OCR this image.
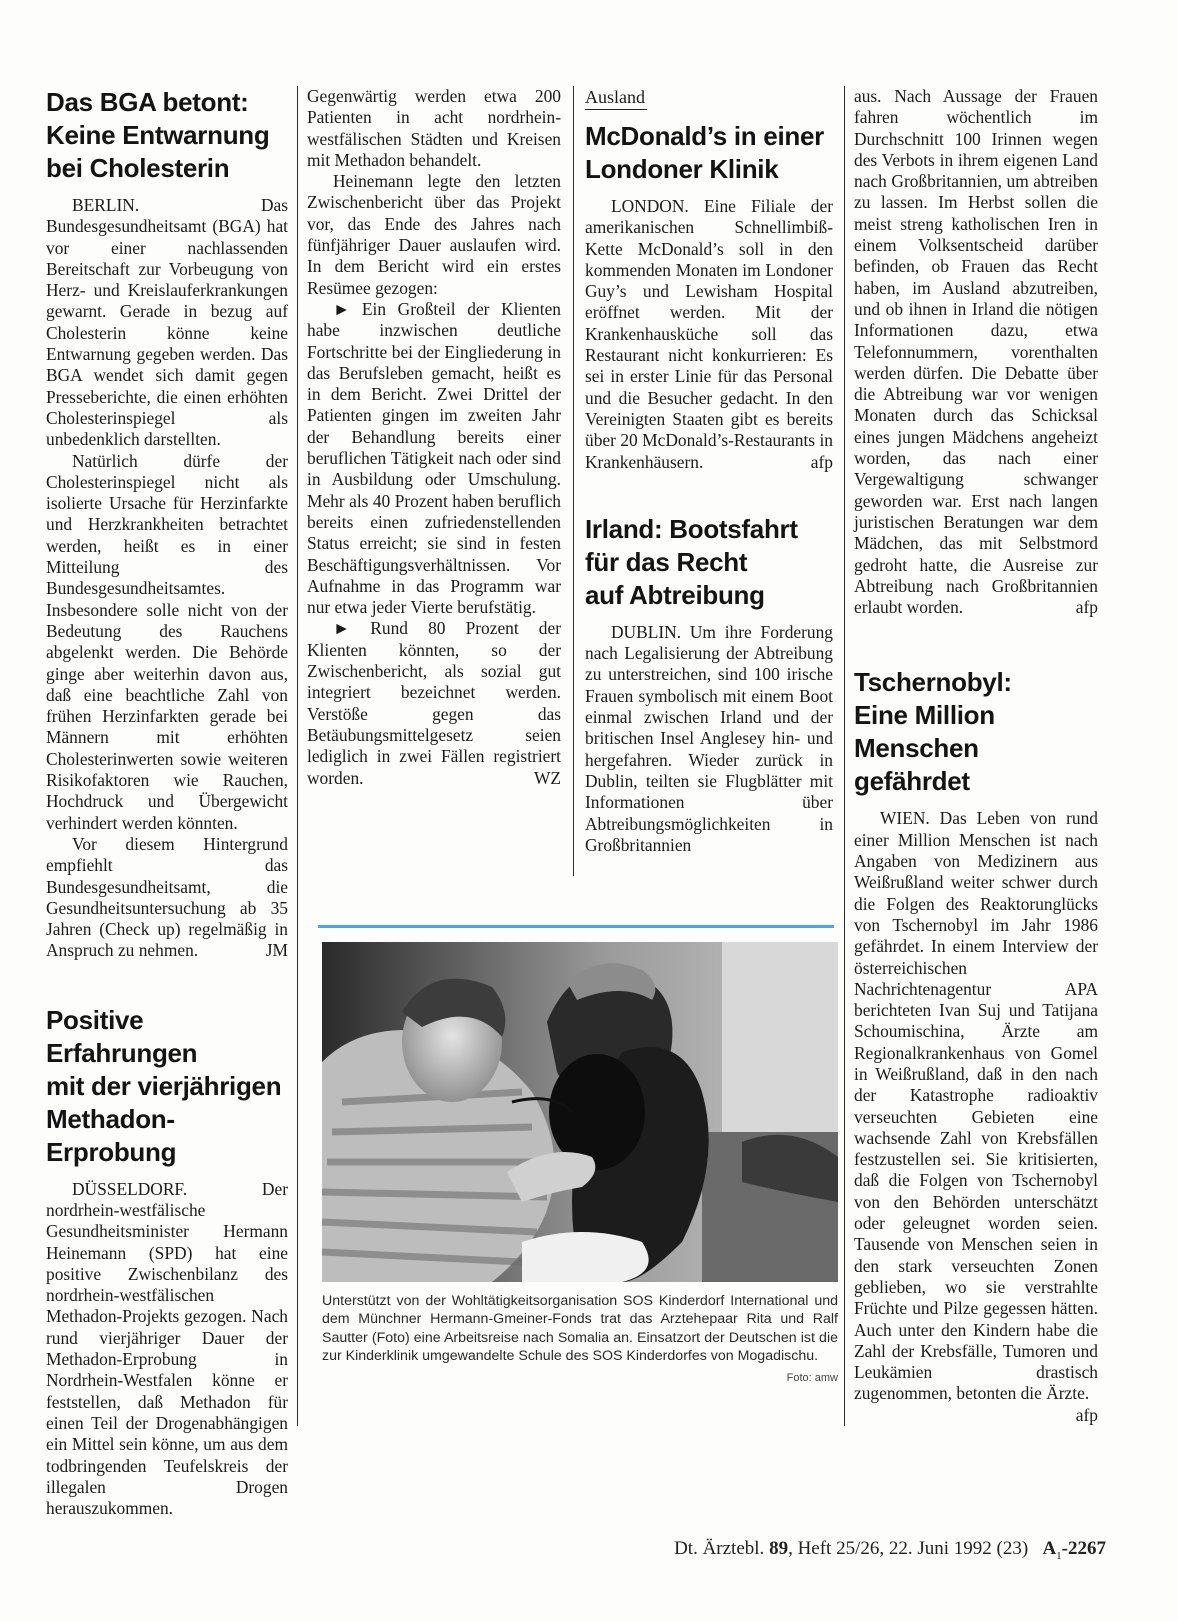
Das BGA betont:
Keine Entwarnung
bei Cholesterin

BERLIN. Das Bundesgesundheitsamt (BGA) hat vor einer nachlassenden Bereitschaft zur Vorbeugung von Herz- und Kreislauferkrankungen gewarnt. Gerade in bezug auf Cholesterin könne keine Entwarnung gegeben werden. Das BGA wendet sich damit gegen Presseberichte, die einen erhöhten Cholesterinspiegel als unbedenklich darstellten.

Natürlich dürfe der Cholesterinspiegel nicht als isolierte Ursache für Herzinfarkte und Herzkrankheiten betrachtet werden, heißt es in einer Mitteilung des Bundesgesundheitsamtes. Insbesondere solle nicht von der Bedeutung des Rauchens abgelenkt werden. Die Behörde ginge aber weiterhin davon aus, daß eine beachtliche Zahl von frühen Herzinfarkten gerade bei Männern mit erhöhten Cholesterinwerten sowie weiteren Risikofaktoren wie Rauchen, Hochdruck und Übergewicht verhindert werden könnten.

Vor diesem Hintergrund empfiehlt das Bundesgesundheitsamt, die Gesundheitsuntersuchung ab 35 Jahren (Check up) regelmäßig in Anspruch zu nehmen.	JM

Positive Erfahrungen
mit der vierjährigen
Methadon-Erprobung

DÜSSELDORF. Der nordrhein-westfälische Gesundheitsminister Hermann Heinemann (SPD) hat eine positive Zwischenbilanz des nordrhein-westfälischen Methadon-Projekts gezogen. Nach rund vierjähriger Dauer der Methadon-Erprobung in Nordrhein-Westfalen könne er feststellen, daß Methadon für einen Teil der Drogenabhängigen ein Mittel sein könne, um aus dem todbringenden Teufelskreis der illegalen Drogen herauszukommen.

Gegenwärtig werden etwa 200 Patienten in acht nordrhein-westfälischen Städten und Kreisen mit Methadon behandelt.

Heinemann legte den letzten Zwischenbericht über das Projekt vor, das Ende des Jahres nach fünfjähriger Dauer auslaufen wird. In dem Bericht wird ein erstes Resümee gezogen:

► Ein Großteil der Klienten habe inzwischen deutliche Fortschritte bei der Eingliederung in das Berufsleben gemacht, heißt es in dem Bericht. Zwei Drittel der Patienten gingen im zweiten Jahr der Behandlung bereits einer beruflichen Tätigkeit nach oder sind in Ausbildung oder Umschulung. Mehr als 40 Prozent haben beruflich bereits einen zufriedenstellenden Status erreicht; sie sind in festen Beschäftigungsverhältnissen. Vor Aufnahme in das Programm war nur etwa jeder Vierte berufstätig.

► Rund 80 Prozent der Klienten könnten, so der Zwischenbericht, als sozial gut integriert bezeichnet werden. Verstöße gegen das Betäubungsmittelgesetz seien lediglich in zwei Fällen registriert worden.	WZ

Ausland
McDonald’s in einer
Londoner Klinik

LONDON. Eine Filiale der amerikanischen Schnellimbiß-Kette McDonald’s soll in den kommenden Monaten im Londoner Guy’s und Lewisham Hospital eröffnet werden. Mit der Krankenhausküche soll das Restaurant nicht konkurrieren: Es sei in erster Linie für das Personal und die Besucher gedacht. In den Vereinigten Staaten gibt es bereits über 20 McDonald’s-Restaurants in Krankenhäusern.	afp

Irland: Bootsfahrt
für das Recht
auf Abtreibung

DUBLIN. Um ihre Forderung nach Legalisierung der Abtreibung zu unterstreichen, sind 100 irische Frauen symbolisch mit einem Boot einmal zwischen Irland und der britischen Insel Anglesey hin- und hergefahren. Wieder zurück in Dublin, teilten sie Flugblätter mit Informationen über Abtreibungsmöglichkeiten in Großbritannien

aus. Nach Aussage der Frauen fahren wöchentlich im Durchschnitt 100 Irinnen wegen des Verbots in ihrem eigenen Land nach Großbritannien, um abtreiben zu lassen. Im Herbst sollen die meist streng katholischen Iren in einem Volksentscheid darüber befinden, ob Frauen das Recht haben, im Ausland abzutreiben, und ob ihnen in Irland die nötigen Informationen dazu, etwa Telefonnummern, vorenthalten werden dürfen. Die Debatte über die Abtreibung war vor wenigen Monaten durch das Schicksal eines jungen Mädchens angeheizt worden, das nach einer Vergewaltigung schwanger geworden war. Erst nach langen juristischen Beratungen war dem Mädchen, das mit Selbstmord gedroht hatte, die Ausreise zur Abtreibung nach Großbritannien erlaubt worden.	afp

Tschernobyl:
Eine Million
Menschen gefährdet

WIEN. Das Leben von rund einer Million Menschen ist nach Angaben von Medizinern aus Weißrußland weiter schwer durch die Folgen des Reaktorunglücks von Tschernobyl im Jahr 1986 gefährdet. In einem Interview der österreichischen Nachrichtenagentur APA berichteten Ivan Suj und Tatijana Schoumischina, Ärzte am Regionalkrankenhaus von Gomel in Weißrußland, daß in den nach der Katastrophe radioaktiv verseuchten Gebieten eine wachsende Zahl von Krebsfällen festzustellen sei. Sie kritisierten, daß die Folgen von Tschernobyl von den Behörden unterschätzt oder geleugnet worden seien. Tausende von Menschen seien in den stark verseuchten Zonen geblieben, wo sie verstrahlte Früchte und Pilze gegessen hätten. Auch unter den Kindern habe die Zahl der Krebsfälle, Tumoren und Leukämien drastisch zugenommen, betonten die Ärzte.
afp

Unterstützt von der Wohltätigkeitsorganisation SOS Kinderdorf International und dem Münchner Hermann-Gmeiner-Fonds trat das Arztehepaar Rita und Ralf Sautter (Foto) eine Arbeitsreise nach Somalia an. Einsatzort der Deutschen ist die zur Kinderklinik umgewandelte Schule des SOS Kinderdorfes von Mogadischu.
Foto: amw
Dt. Ärztebl. 89, Heft 25/26, 22. Juni 1992 (23) $A_1-2267$
